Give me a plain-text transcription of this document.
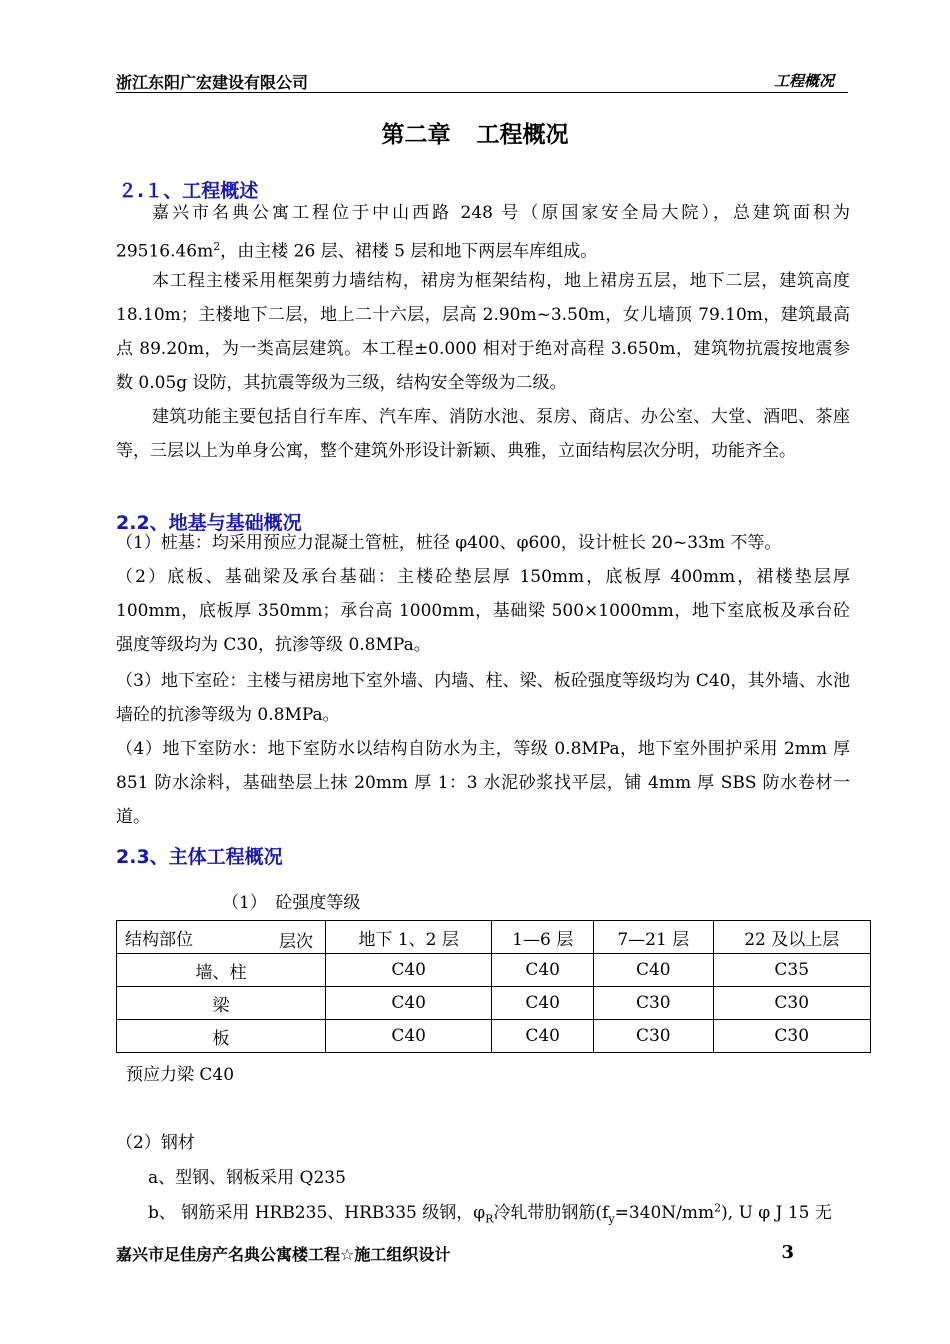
浙江东阳广宏建设有限公司	工程概况
第二章 工程概况
２.１、工程概述

嘉兴市名典公寓工程位于中山西路 248 号（原国家安全局大院），总建筑面积为 $29516.46m^2$，由主楼 26 层、裙楼 5 层和地下两层车库组成。

本工程主楼采用框架剪力墙结构，裙房为框架结构，地上裙房五层，地下二层，建筑高度 18.10m；主楼地下二层，地上二十六层，层高 2.90m~3.50m，女儿墙顶 79.10m，建筑最高点 89.20m，为一类高层建筑。本工程±0.000 相对于绝对高程 3.650m，建筑物抗震按地震参数 0.05g 设防，其抗震等级为三级，结构安全等级为二级。

建筑功能主要包括自行车库、汽车库、消防水池、泵房、商店、办公室、大堂、酒吧、茶座等，三层以上为单身公寓，整个建筑外形设计新颖、典雅，立面结构层次分明，功能齐全。

2.2、地基与基础概况

（1）桩基：均采用预应力混凝土管桩，桩径 φ400、φ600，设计桩长 20~33m 不等。

（2）底板、基础梁及承台基础：主楼砼垫层厚 150mm，底板厚 400mm，裙楼垫层厚 100mm，底板厚 350mm；承台高 1000mm，基础梁 500×1000mm，地下室底板及承台砼强度等级均为 C30，抗渗等级 0.8MPa。

（3）地下室砼：主楼与裙房地下室外墙、内墙、柱、梁、板砼强度等级均为 C40，其外墙、水池墙砼的抗渗等级为 0.8MPa。

（4）地下室防水：地下室防水以结构自防水为主，等级 0.8MPa，地下室外围护采用 2mm 厚 851 防水涂料，基础垫层上抹 20mm 厚 1：3 水泥砂浆找平层，铺 4mm 厚 SBS 防水卷材一道。

2.3、主体工程概况
（1）　砼强度等级
结构部位 层次	地下 1、2 层	1—6 层	7—21 层	22 及以上层
墙、柱	C40	C40	C40	C35
梁	C40	C40	C30	C30
板	C40	C40	C30	C30
预应力梁 C40
（2）钢材
a、型钢、钢板采用 Q235
b、 钢筋采用 HRB235、HRB335 级钢，$\varphi_R$冷轧带肋钢筋$(f_y=340N/mm^2)$, U φ J 15 无
嘉兴市足佳房产名典公寓楼工程☆施工组织设计	3
